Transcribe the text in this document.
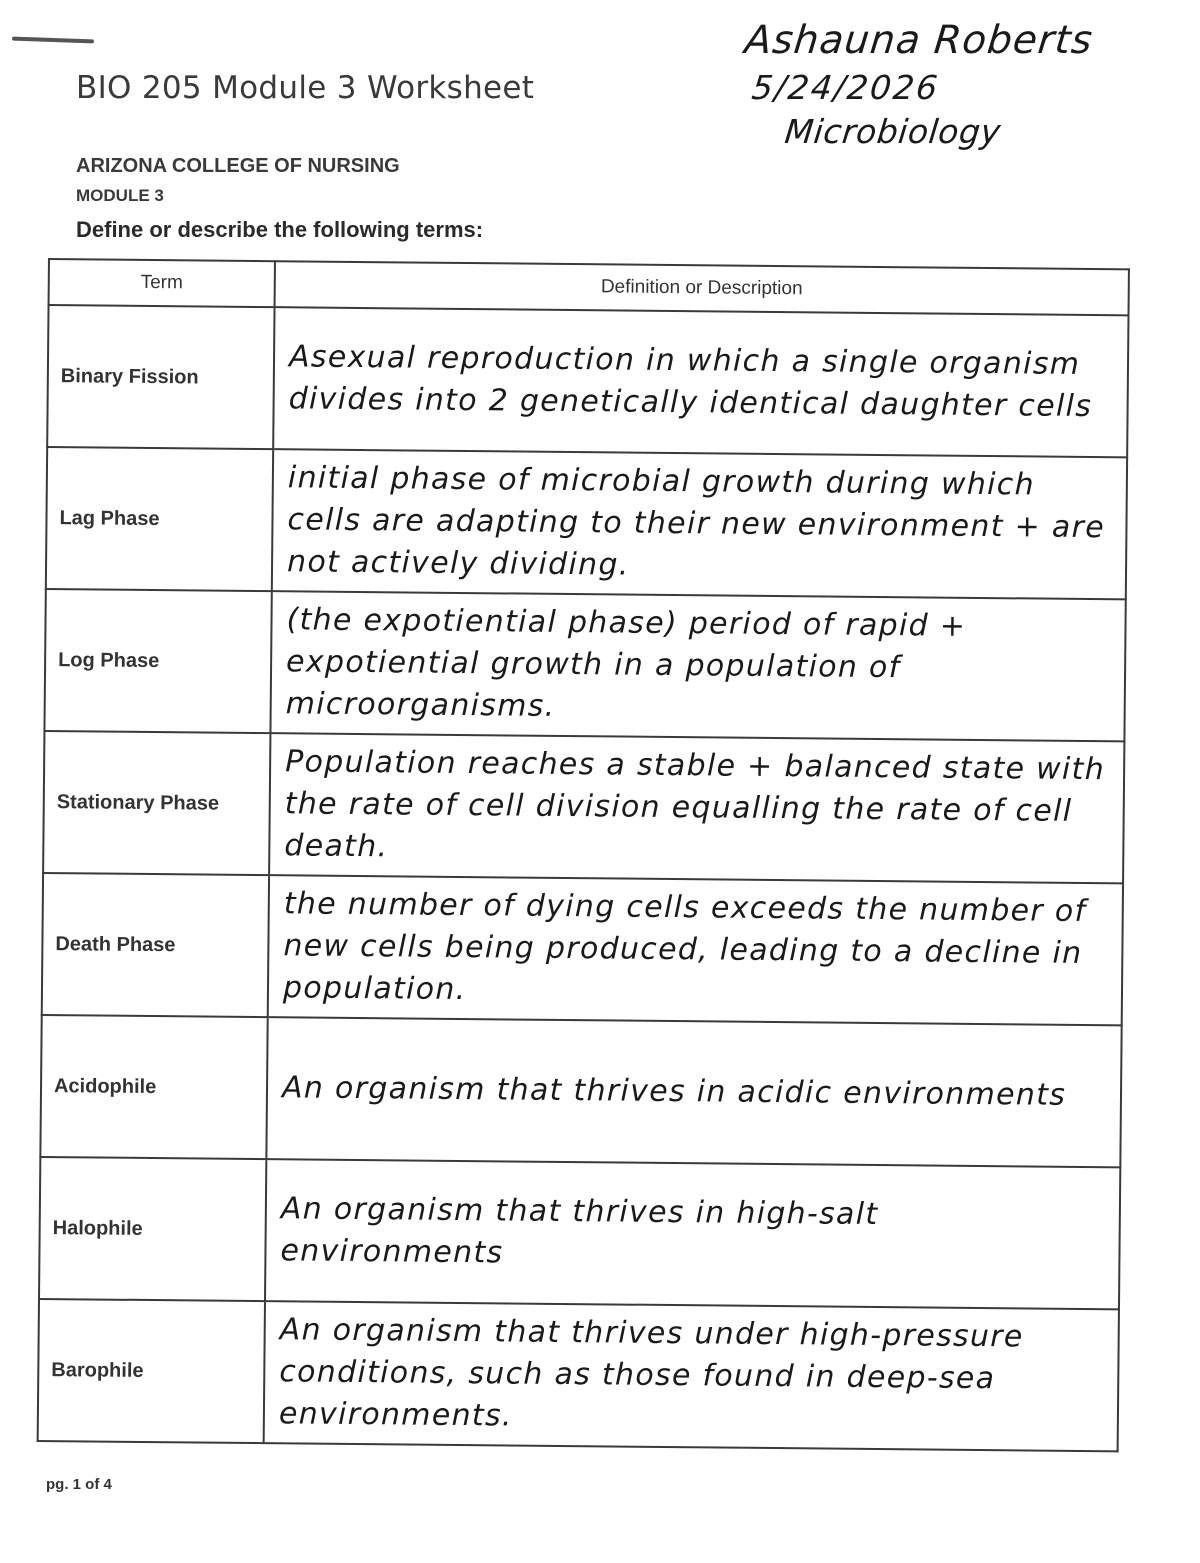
BIO 205 Module 3 Worksheet
Ashauna Roberts
5/24/2026
Microbiology
ARIZONA COLLEGE OF NURSING
MODULE 3
Define or describe the following terms:
Term	Definition or Description
Binary Fission	Asexual reproduction in which a single organism divides into 2 genetically identical daughter cells
Lag Phase	initial phase of microbial growth during which cells are adapting to their new environment + are not actively dividing.
Log Phase	(the expotiential phase) period of rapid + expotiential growth in a population of microorganisms.
Stationary Phase	Population reaches a stable + balanced state with the rate of cell division equalling the rate of cell death.
Death Phase	the number of dying cells exceeds the number of new cells being produced, leading to a decline in population.
Acidophile	An organism that thrives in acidic environments
Halophile	An organism that thrives in high-salt environments
Barophile	An organism that thrives under high-pressure conditions, such as those found in deep-sea environments.
pg. 1 of 4
